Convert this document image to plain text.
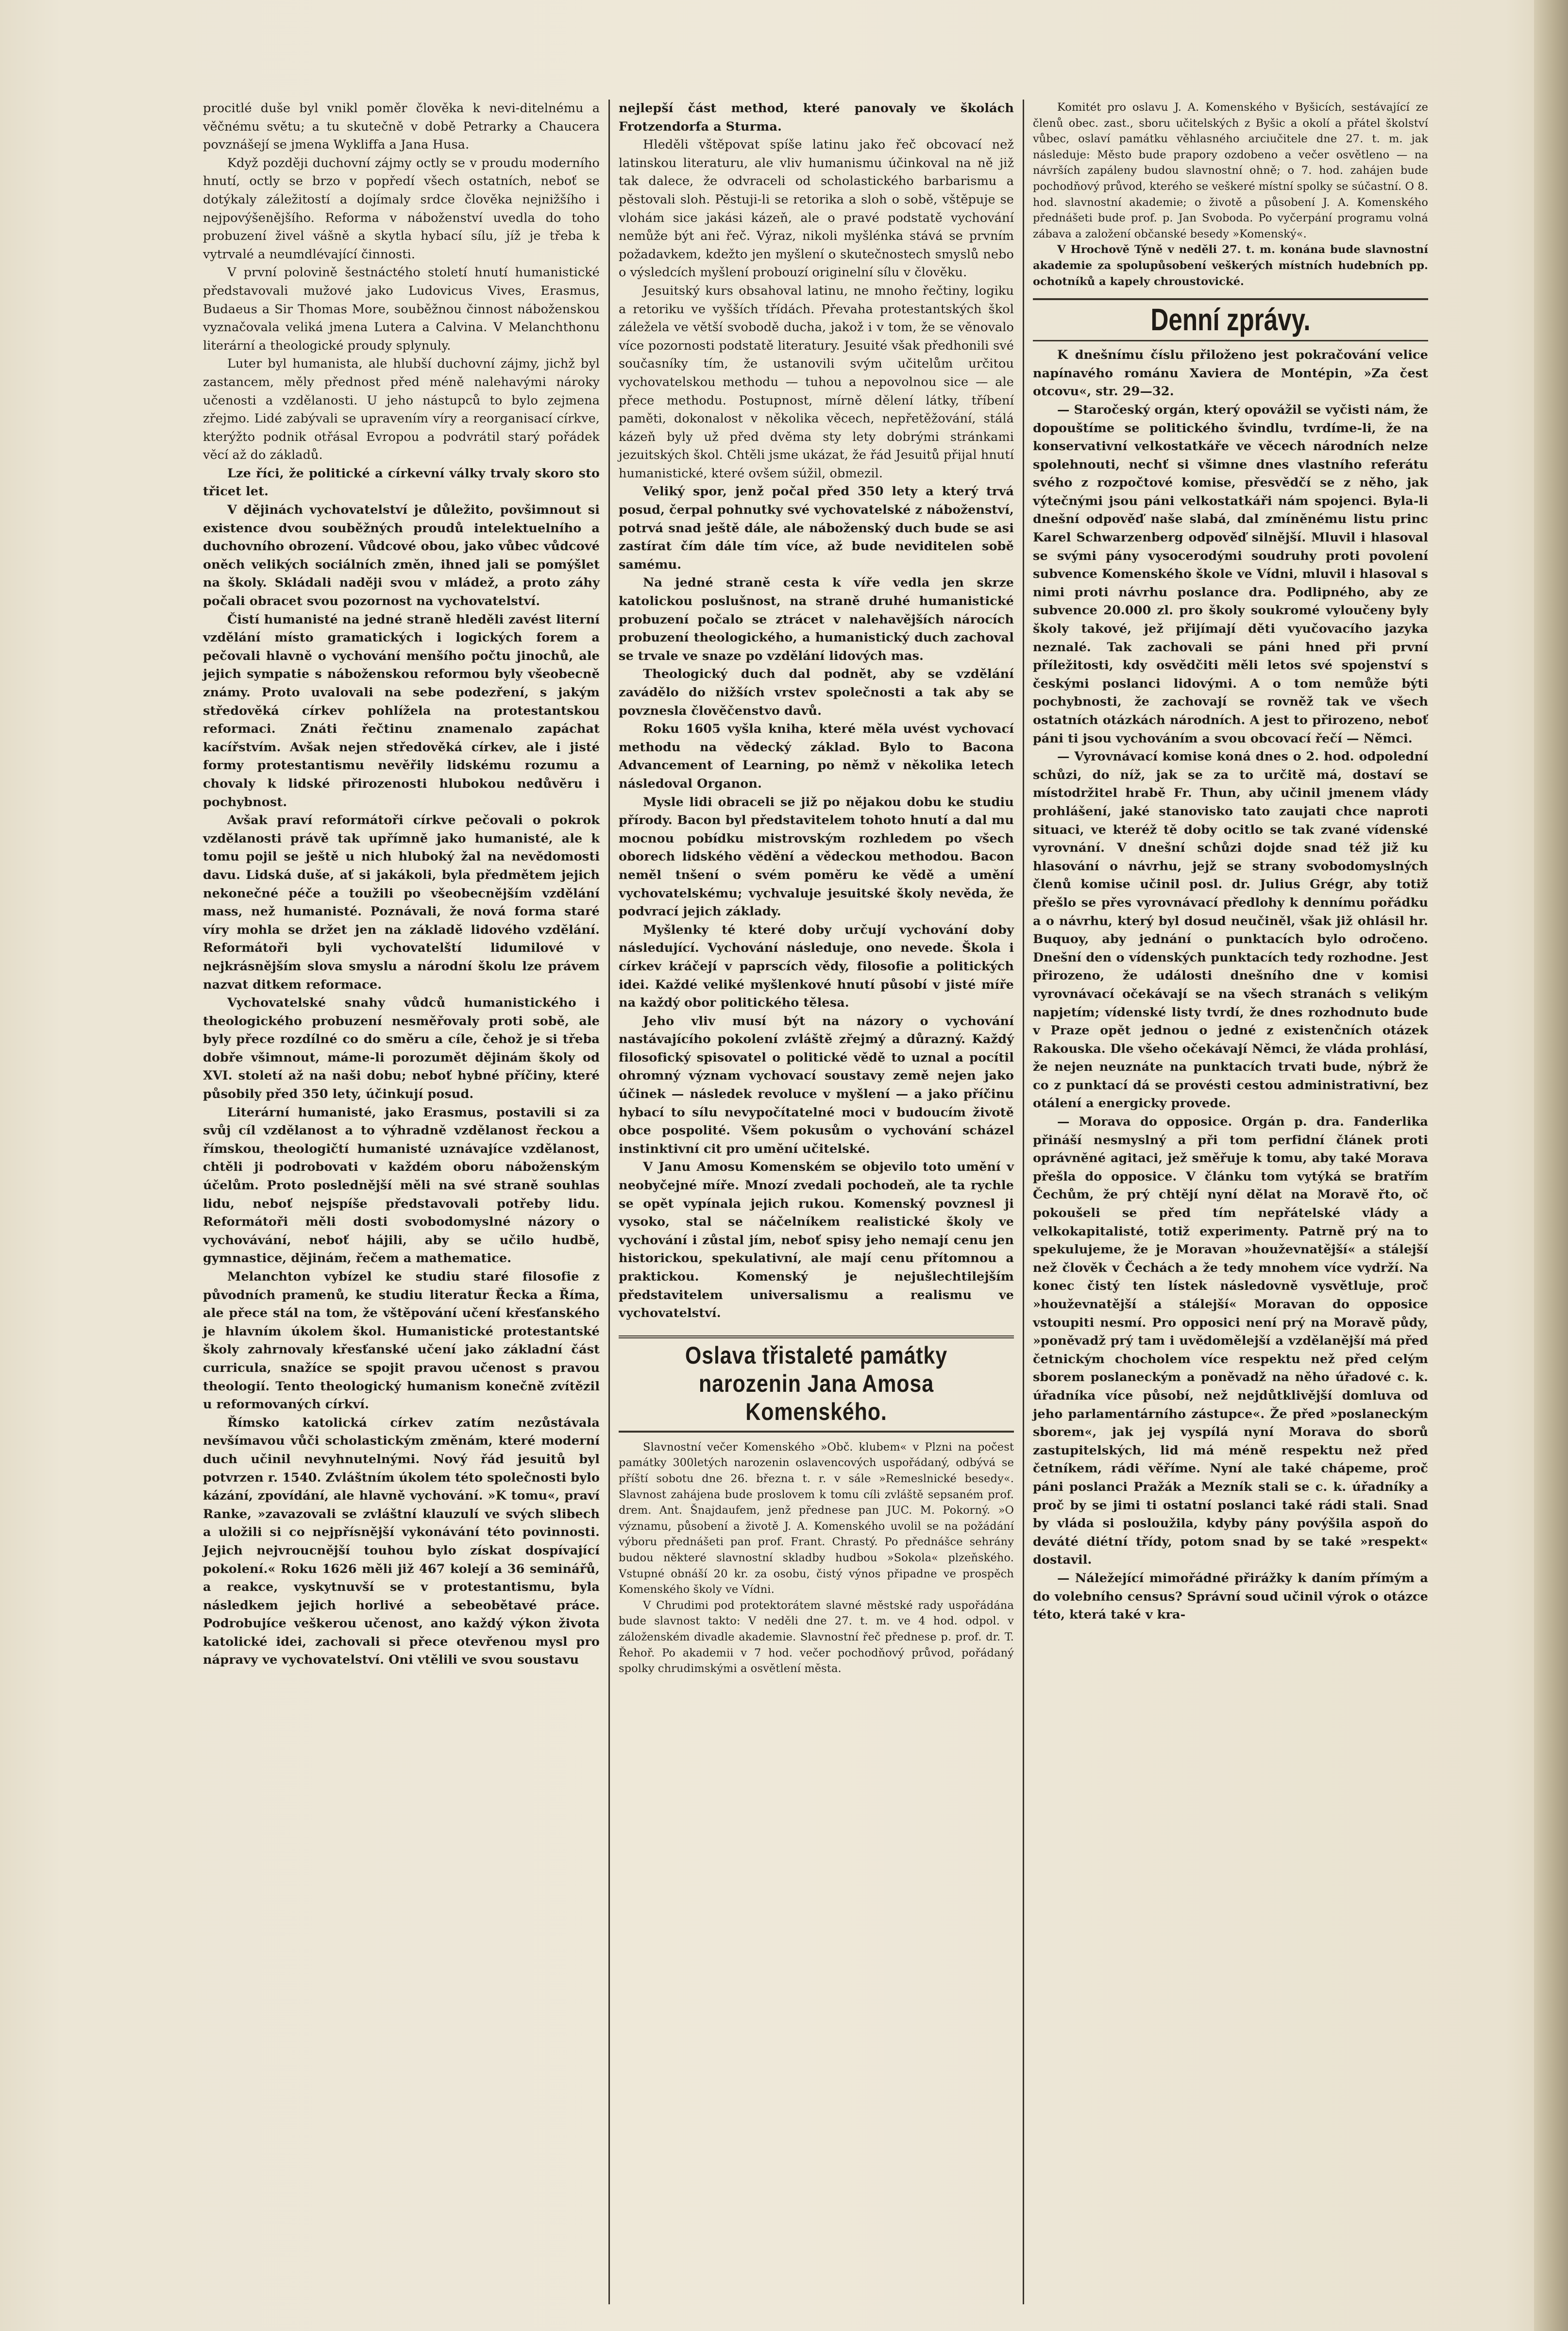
procitlé duše byl vnikl poměr člověka k nevi-ditelnému a věčnému světu; a tu skutečně v době Petrarky a Chaucera povznášejí se jmena Wykliffa a Jana Husa.

Když později duchovní zájmy octly se v proudu moderního hnutí, octly se brzo v popředí všech ostatních, neboť se dotýkaly záležitostí a dojímaly srdce člověka nejnižšího i nejpovýšenějšího. Reforma v náboženství uvedla do toho probuzení živel vášně a skytla hybací sílu, jíž je třeba k vytrvalé a neumdlévající činnosti.

V první polovině šestnáctého století hnutí humanistické představovali mužové jako Ludovicus Vives, Erasmus, Budaeus a Sir Thomas More, souběžnou činnost náboženskou vyznačovala veliká jmena Lutera a Calvina. V Melanchthonu literární a theologické proudy splynuly.

Luter byl humanista, ale hlubší duchovní zájmy, jichž byl zastancem, měly přednost před méně nalehavými nároky učenosti a vzdělanosti. U jeho nástupců to bylo zejmena zřejmo. Lidé zabývali se upravením víry a reorganisací církve, kterýžto podnik otřásal Evropou a podvrátil starý pořádek věcí až do základů.

Lze říci, že politické a církevní války trvaly skoro sto třicet let.

V dějinách vychovatelství je důležito, povšimnout si existence dvou souběžných proudů intelektuelního a duchovního obrození. Vůdcové obou, jako vůbec vůdcové oněch velikých sociálních změn, ihned jali se pomýšlet na školy. Skládali naději svou v mládež, a proto záhy počali obracet svou pozornost na vychovatelství.

Čistí humanisté na jedné straně hleděli zavést literní vzdělání místo gramatických i logických forem a pečovali hlavně o vychování menšího počtu jinochů, ale jejich sympatie s náboženskou reformou byly všeobecně známy. Proto uvalovali na sebe podezření, s jakým středověká církev pohlížela na protestantskou reformaci. Znáti řečtinu znamenalo zapáchat kacířstvím. Avšak nejen středověká církev, ale i jisté formy protestantismu nevěřily lidskému rozumu a chovaly k lidské přirozenosti hlubokou nedůvěru i pochybnost.

Avšak praví reformátoři církve pečovali o pokrok vzdělanosti právě tak upřímně jako humanisté, ale k tomu pojil se ještě u nich hluboký žal na nevědomosti davu. Lidská duše, ať si jakákoli, byla předmětem jejich nekonečné péče a toužili po všeobecnějším vzdělání mass, než humanisté. Poznávali, že nová forma staré víry mohla se držet jen na základě lidového vzdělání. Reformátoři byli vychovatelští lidumilové v nejkrásnějším slova smyslu a národní školu lze právem nazvat ditkem reformace.

Vychovatelské snahy vůdců humanistického i theologického probuzení nesměřovaly proti sobě, ale byly přece rozdílné co do směru a cíle, čehož je si třeba dobře všimnout, máme-li porozumět dějinám školy od XVI. století až na naši dobu; neboť hybné příčiny, které působily před 350 lety, účinkují posud.

Literární humanisté, jako Erasmus, postavili si za svůj cíl vzdělanost a to výhradně vzdělanost řeckou a římskou, theologičtí humanisté uznávajíce vzdělanost, chtěli ji podrobovati v každém oboru náboženským účelům. Proto poslednější měli na své straně souhlas lidu, neboť nejspíše představovali potřeby lidu. Reformátoři měli dosti svobodomyslné názory o vychovávání, neboť hájili, aby se učilo hudbě, gymnastice, dějinám, řečem a mathematice.

Melanchton vybízel ke studiu staré filosofie z původních pramenů, ke studiu literatur Řecka a Říma, ale přece stál na tom, že vštěpování učení křesťanského je hlavním úkolem škol. Humanistické protestantské školy zahrnovaly křesťanské učení jako základní část curricula, snažíce se spojit pravou učenost s pravou theologií. Tento theologický humanism konečně zvítězil u reformovaných církví.

Římsko katolická církev zatím nezůstávala nevšímavou vůči scholastickým změnám, které moderní duch učinil nevyhnutelnými. Nový řád jesuitů byl potvrzen r. 1540. Zvláštním úkolem této společnosti bylo kázání, zpovídání, ale hlavně vychování. »K tomu«, praví Ranke, »zavazovali se zvláštní klauzulí ve svých slibech a uložili si co nejpřísnější vykonávání této povinnosti. Jejich nejvroucnější touhou bylo získat dospívající pokolení.« Roku 1626 měli již 467 kolejí a 36 seminářů, a reakce, vyskytnuvší se v protestantismu, byla následkem jejich horlivé a sebeobětavé práce. Podrobujíce veškerou učenost, ano každý výkon života katolické idei, zachovali si přece otevřenou mysl pro nápravy ve vychovatelství. Oni vtělili ve svou soustavu

nejlepší část method, které panovaly ve školách Frotzendorfa a Sturma.

Hleděli vštěpovat spíše latinu jako řeč obcovací než latinskou literaturu, ale vliv humanismu účinkoval na ně již tak dalece, že odvraceli od scholastického barbarismu a pěstovali sloh. Pěstuji-li se retorika a sloh o sobě, vštěpuje se vlohám sice jakási kázeň, ale o pravé podstatě vychování nemůže být ani řeč. Výraz, nikoli myšlénka stává se prvním požadavkem, kdežto jen myšlení o skutečnostech smyslů nebo o výsledcích myšlení probouzí originelní sílu v člověku.

Jesuitský kurs obsahoval latinu, ne mnoho řečtiny, logiku a retoriku ve vyšších třídách. Převaha protestantských škol záležela ve větší svobodě ducha, jakož i v tom, že se věnovalo více pozornosti podstatě literatury. Jesuité však předhonili své současníky tím, že ustanovili svým učitelům určitou vychovatelskou methodu — tuhou a nepovolnou sice — ale přece methodu. Postupnost, mírně dělení látky, tříbení paměti, dokonalost v několika věcech, nepřetěžování, stálá kázeň byly už před dvěma sty lety dobrými stránkami jezuitských škol. Chtěli jsme ukázat, že řád Jesuitů přijal hnutí humanistické, které ovšem súžil, obmezil.

Veliký spor, jenž počal před 350 lety a který trvá posud, čerpal pohnutky své vychovatelské z náboženství, potrvá snad ještě dále, ale náboženský duch bude se asi zastírat čím dále tím více, až bude neviditelen sobě samému.

Na jedné straně cesta k víře vedla jen skrze katolickou poslušnost, na straně druhé humanistické probuzení počalo se ztrácet v nalehavějších nárocích probuzení theologického, a humanistický duch zachoval se trvale ve snaze po vzdělání lidových mas.

Theologický duch dal podnět, aby se vzdělání zavádělo do nižších vrstev společnosti a tak aby se povznesla člověčenstvo davů.

Roku 1605 vyšla kniha, které měla uvést vychovací methodu na vědecký základ. Bylo to Bacona Advancement of Learning, po němž v několika letech následoval Organon.

Mysle lidi obraceli se již po nějakou dobu ke studiu přírody. Bacon byl představitelem tohoto hnutí a dal mu mocnou pobídku mistrovským rozhledem po všech oborech lidského vědění a vědeckou methodou. Bacon neměl tnšení o svém poměru ke vědě a umění vychovatelskému; vychvaluje jesuitské školy nevěda, že podvrací jejich základy.

Myšlenky té které doby určují vychování doby následující. Vychování následuje, ono nevede. Škola i církev kráčejí v paprscích vědy, filosofie a politických idei. Každé veliké myšlenkové hnutí působí v jisté míře na každý obor politického tělesa.

Jeho vliv musí být na názory o vychování nastávajícího pokolení zvláště zřejmý a důrazný. Každý filosofický spisovatel o politické vědě to uznal a pocítil ohromný význam vychovací soustavy země nejen jako účinek — následek revoluce v myšlení — a jako příčinu hybací to sílu nevypočítatelné moci v budoucím životě obce pospolité. Všem pokusům o vychování scházel instinktivní cit pro umění učitelské.

V Janu Amosu Komenském se objevilo toto umění v neobyčejné míře. Mnozí zvedali pochodeň, ale ta rychle se opět vypínala jejich rukou. Komenský povznesl ji vysoko, stal se náčelníkem realistické školy ve vychování i zůstal jím, neboť spisy jeho nemají cenu jen historickou, spekulativní, ale mají cenu přítomnou a praktickou. Komenský je nejušlechtilejším představitelem universalismu a realismu ve vychovatelství.

Oslava třistaleté památky narozenin Jana Amosa Komenského.

Slavnostní večer Komenského »Obč. klubem« v Plzni na počest památky 300letých narozenin oslavencových uspořádaný, odbývá se příští sobotu dne 26. března t. r. v sále »Remeslnické besedy«. Slavnost zahájena bude proslovem k tomu cíli zvláště sepsaném prof. drem. Ant. Šnajdaufem, jenž přednese pan JUC. M. Pokorný. »O významu, působení a životě J. A. Komenského uvolil se na požádání výboru přednášeti pan prof. Frant. Chrastý. Po přednášce sehrány budou některé slavnostní skladby hudbou »Sokola« plzeňského. Vstupné obnáší 20 kr. za osobu, čistý výnos připadne ve prospěch Komenského školy ve Vídni.

V Chrudimi pod protektorátem slavné městské rady uspořádána bude slavnost takto: V neděli dne 27. t. m. ve 4 hod. odpol. v záloženském divadle akademie. Slavnostní řeč přednese p. prof. dr. T. Řehoř. Po akademii v 7 hod. večer pochodňový průvod, pořádaný spolky chrudimskými a osvětlení města.

Komitét pro oslavu J. A. Komenského v Byšicích, sestávající ze členů obec. zast., sboru učitelských z Byšic a okolí a přátel školství vůbec, oslaví památku věhlasného arciučitele dne 27. t. m. jak následuje: Město bude prapory ozdobeno a večer osvětleno — na návrších zapáleny budou slavnostní ohně; o 7. hod. zahájen bude pochodňový průvod, kterého se veškeré místní spolky se súčastní. O 8. hod. slavnostní akademie; o životě a působení J. A. Komenského přednášeti bude prof. p. Jan Svoboda. Po vyčerpání programu volná zábava a založení občanské besedy »Komenský«.

V Hrochově Týně v neděli 27. t. m. konána bude slavnostní akademie za spolupůsobení veškerých místních hudebních pp. ochotníků a kapely chroustovické.

Denní zprávy.

K dnešnímu číslu přiloženo jest pokračování velice napínavého románu Xaviera de Montépin, »Za čest otcovu«, str. 29—32.

— Staročeský orgán, který opovážil se vyčisti nám, že dopouštíme se politického švindlu, tvrdíme-li, že na konservativní velkostatkáře ve věcech národních nelze spolehnouti, nechť si všimne dnes vlastního referátu svého z rozpočtové komise, přesvědčí se z něho, jak výtečnými jsou páni velkostatkáři nám spojenci. Byla-li dnešní odpověď naše slabá, dal zmíněnému listu princ Karel Schwarzenberg odpověď silnější. Mluvil i hlasoval se svými pány vysocerodými soudruhy proti povolení subvence Komenského škole ve Vídni, mluvil i hlasoval s nimi proti návrhu poslance dra. Podlipného, aby ze subvence 20.000 zl. pro školy soukromé vyloučeny byly školy takové, jež přijímají děti vyučovacího jazyka neznalé. Tak zachovali se páni hned při první příležitosti, kdy osvědčiti měli letos své spojenství s českými poslanci lidovými. A o tom nemůže býti pochybnosti, že zachovají se rovněž tak ve všech ostatních otázkách národních. A jest to přirozeno, neboť páni ti jsou vychováním a svou obcovací řečí — Němci.

— Vyrovnávací komise koná dnes o 2. hod. odpolední schůzi, do níž, jak se za to určitě má, dostaví se místodržitel hrabě Fr. Thun, aby učinil jmenem vlády prohlášení, jaké stanovisko tato zaujati chce naproti situaci, ve kteréž tě doby ocitlo se tak zvané vídenské vyrovnání. V dnešní schůzi dojde snad též již ku hlasování o návrhu, jejž se strany svobodomyslných členů komise učinil posl. dr. Julius Grégr, aby totiž přešlo se přes vyrovnávací předlohy k dennímu pořádku a o návrhu, který byl dosud neučiněl, však již ohlásil hr. Buquoy, aby jednání o punktacích bylo odročeno. Dnešní den o vídenských punktacích tedy rozhodne. Jest přirozeno, že události dnešního dne v komisi vyrovnávací očekávají se na všech stranách s velikým napjetím; vídenské listy tvrdí, že dnes rozhodnuto bude v Praze opět jednou o jedné z existenčních otázek Rakouska. Dle všeho očekávají Němci, že vláda prohlásí, že nejen neuznáte na punktacích trvati bude, nýbrž že co z punktací dá se provésti cestou administrativní, bez otálení a energicky provede.

— Morava do opposice. Orgán p. dra. Fanderlika přináší nesmyslný a při tom perfidní článek proti oprávněné agitaci, jež směřuje k tomu, aby také Morava přešla do opposice. V článku tom vytýká se bratřím Čechům, že prý chtějí nyní dělat na Moravě řto, oč pokoušeli se před tím nepřátelské vlády a velkokapitalisté, totiž experimenty. Patrně prý na to spekulujeme, že je Moravan »houževnatější« a stálejší než člověk v Čechách a že tedy mnohem více vydrží. Na konec čistý ten lístek následovně vysvětluje, proč »houževnatější a stálejší« Moravan do opposice vstoupiti nesmí. Pro opposici není prý na Moravě půdy, »poněvadž prý tam i uvědomělejší a vzdělanější má před četnickým chocholem více respektu než před celým sborem poslaneckým a poněvadž na něho úřadové c. k. úřadníka více působí, než nejdůtklivější domluva od jeho parlamentárního zástupce«. Že před »poslaneckým sborem«, jak jej vyspílá nyní Morava do sborů zastupitelských, lid má méně respektu než před četníkem, rádi věříme. Nyní ale také chápeme, proč páni poslanci Pražák a Mezník stali se c. k. úřadníky a proč by se jimi ti ostatní poslanci také rádi stali. Snad by vláda si posloužila, kdyby pány povýšila aspoň do deváté diétní třídy, potom snad by se také »respekt« dostavil.

— Náležející mimořádné přirážky k daním přímým a do volebního census? Správní soud učinil výrok o otázce této, která také v kra-
